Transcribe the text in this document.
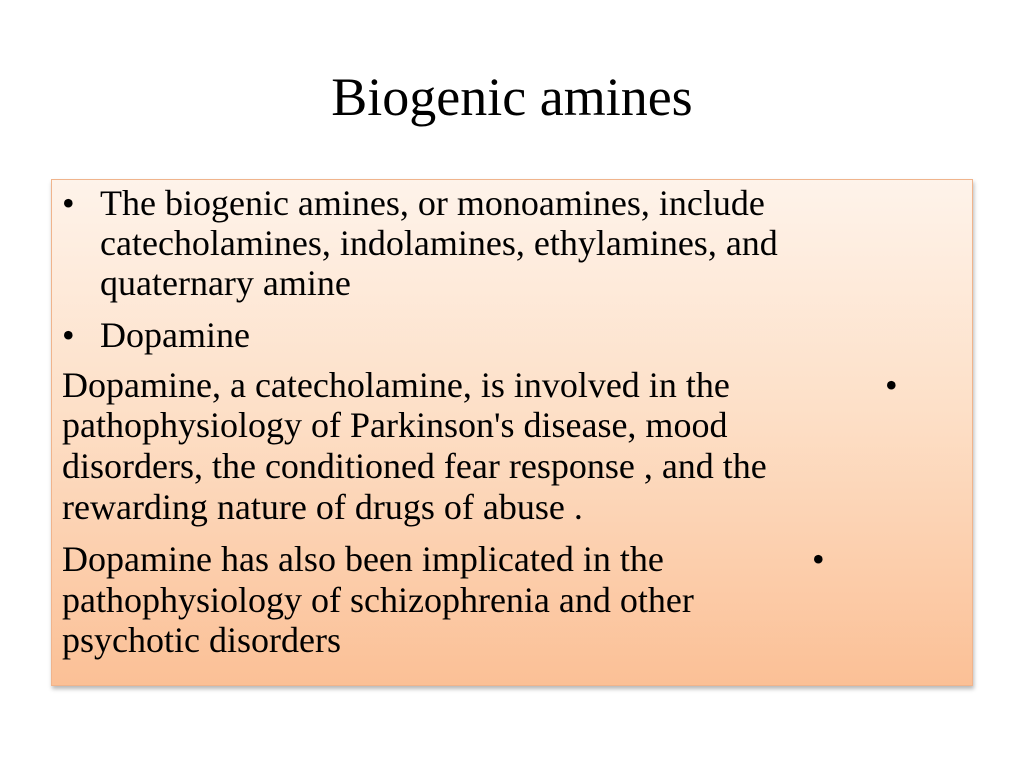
Biogenic amines
• The biogenic amines, or monoamines, include
catecholamines, indolamines, ethylamines, and
quaternary amine
• Dopamine
Dopamine, a catecholamine, is involved in the	•
pathophysiology of Parkinson's disease, mood
disorders, the conditioned fear response , and the
rewarding nature of drugs of abuse .
Dopamine has also been implicated in the	•
pathophysiology of schizophrenia and other
psychotic disorders
